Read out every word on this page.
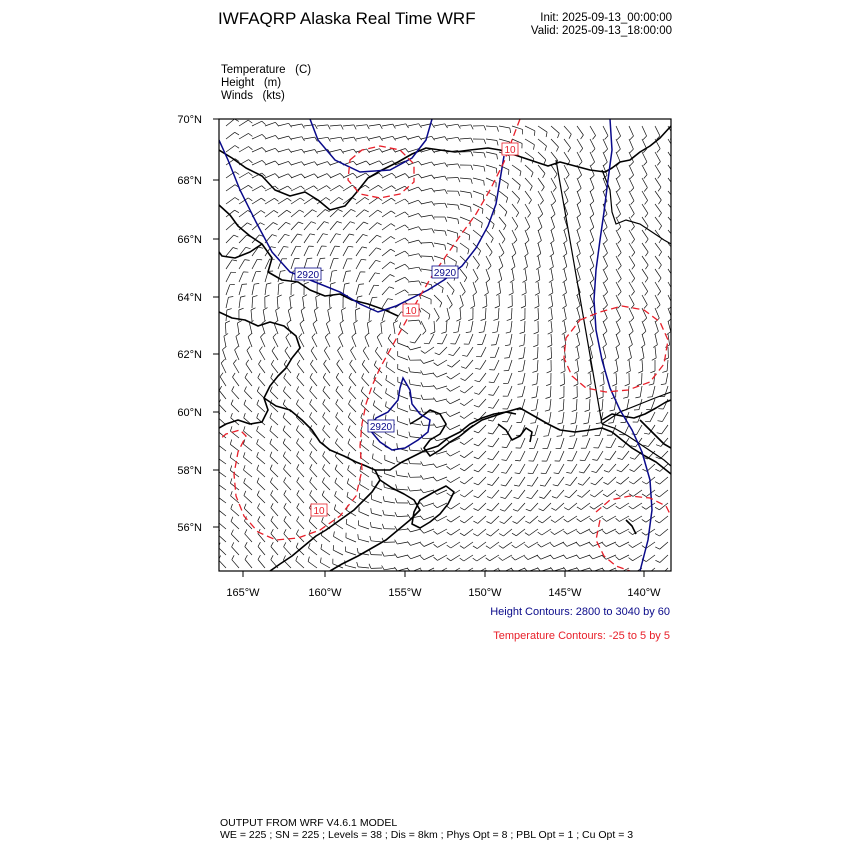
IWFAQRP Alaska Real Time WRF	Init: 2025-09-13_00:00:00
Valid: 2025-09-13_18:00:00
Temperature   (C)
Height   (m)
Winds   (kts)
2920	2920
2920
10
10
10
70°N
68°N
66°N
64°N
62°N
60°N
58°N
56°N
165°W	160°W	155°W	150°W	145°W	140°W
Height Contours: 2800 to 3040 by 60
Temperature Contours: -25 to 5 by 5
OUTPUT FROM WRF V4.6.1 MODEL
WE = 225 ; SN = 225 ; Levels = 38 ; Dis = 8km ; Phys Opt = 8 ; PBL Opt = 1 ; Cu Opt = 3
